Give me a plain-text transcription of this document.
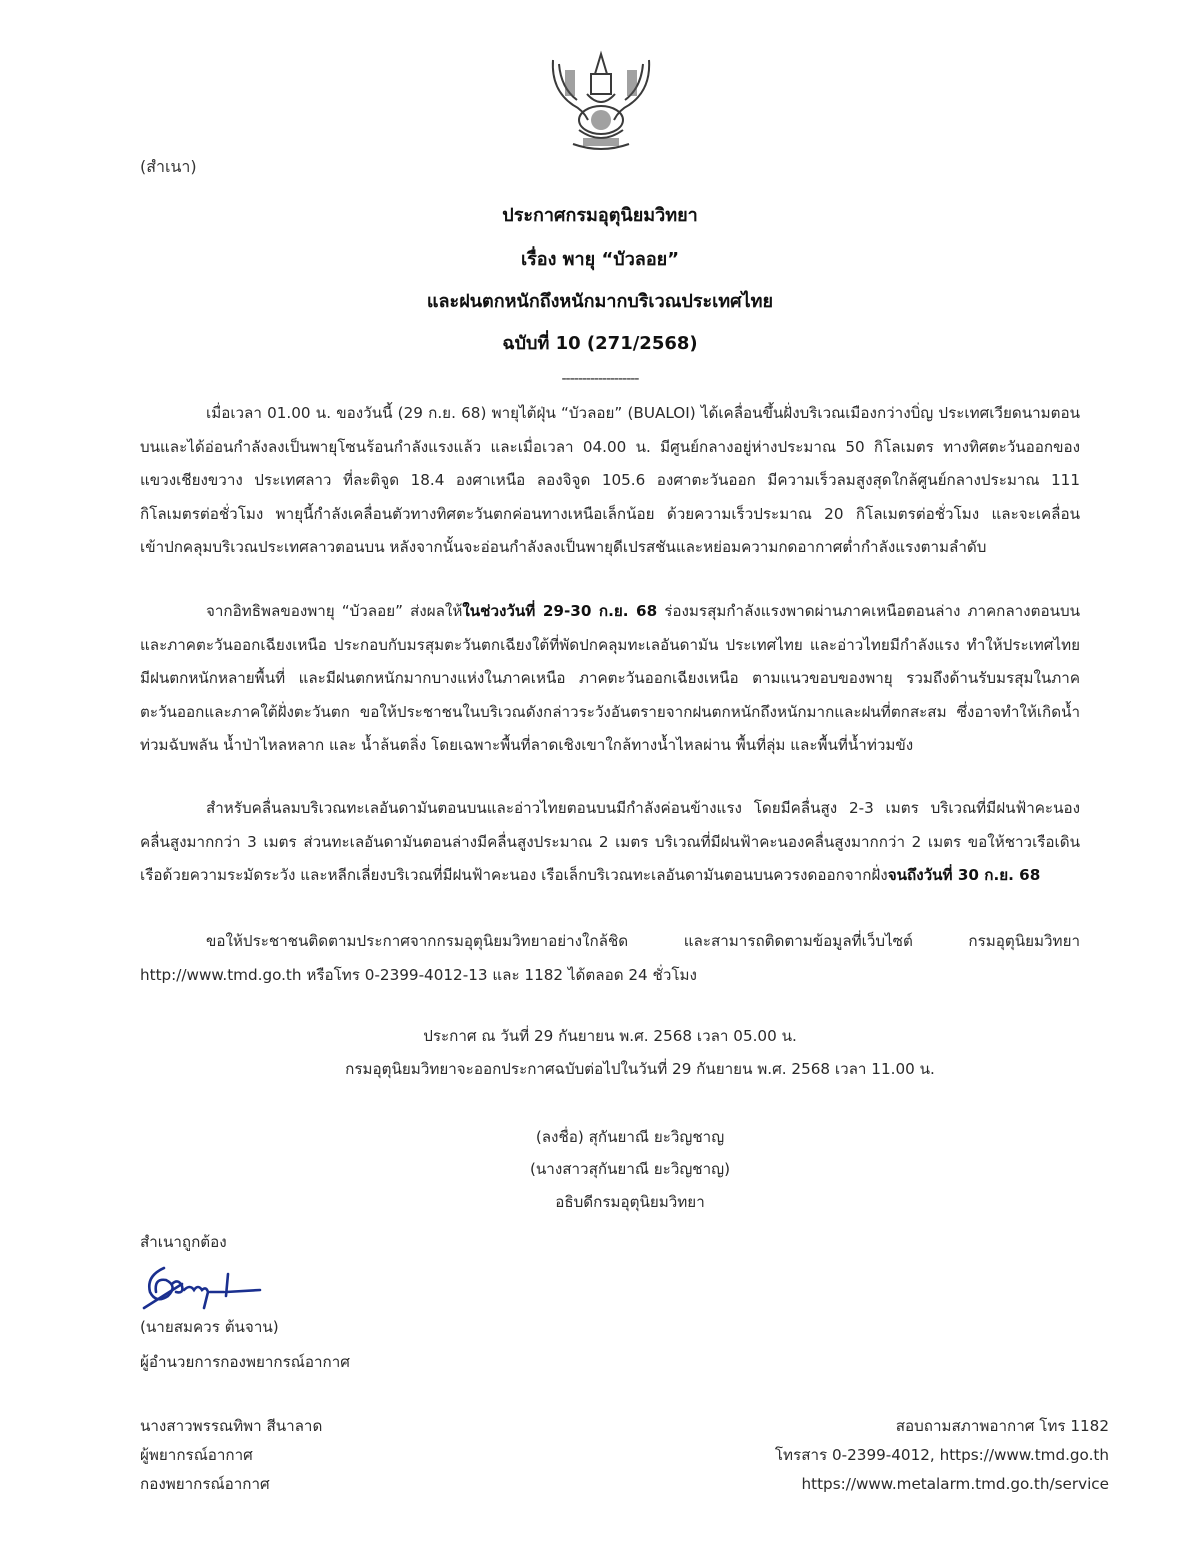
(สำเนา)
ประกาศกรมอุตุนิยมวิทยา
เรื่อง พายุ “บัวลอย”
และฝนตกหนักถึงหนักมากบริเวณประเทศไทย
ฉบับที่ 10 (271/2568)
-------------------
เมื่อเวลา 01.00 น. ของวันนี้ (29 ก.ย. 68) พายุไต้ฝุ่น “บัวลอย” (BUALOI) ได้เคลื่อนขึ้นฝั่งบริเวณเมืองกว่างบิ่ญ ประเทศเวียดนามตอนบนและได้อ่อนกำลังลงเป็นพายุโซนร้อนกำลังแรงแล้ว และเมื่อเวลา 04.00 น. มีศูนย์กลางอยู่ห่างประมาณ 50 กิโลเมตร ทางทิศตะวันออกของแขวงเชียงขวาง ประเทศลาว ที่ละติจูด 18.4 องศาเหนือ ลองจิจูด 105.6 องศาตะวันออก มีความเร็วลมสูงสุดใกล้ศูนย์กลางประมาณ 111 กิโลเมตรต่อชั่วโมง พายุนี้กำลังเคลื่อนตัวทางทิศตะวันตกค่อนทางเหนือเล็กน้อย ด้วยความเร็วประมาณ 20 กิโลเมตรต่อชั่วโมง และจะเคลื่อนเข้าปกคลุมบริเวณประเทศลาวตอนบน หลังจากนั้นจะอ่อนกำลังลงเป็นพายุดีเปรสชันและหย่อมความกดอากาศต่ำกำลังแรงตามลำดับ
จากอิทธิพลของพายุ “บัวลอย” ส่งผลให้ในช่วงวันที่ 29-30 ก.ย. 68 ร่องมรสุมกำลังแรงพาดผ่านภาคเหนือตอนล่าง ภาคกลางตอนบน และภาคตะวันออกเฉียงเหนือ ประกอบกับมรสุมตะวันตกเฉียงใต้ที่พัดปกคลุมทะเลอันดามัน ประเทศไทย และอ่าวไทยมีกำลังแรง ทำให้ประเทศไทยมีฝนตกหนักหลายพื้นที่ และมีฝนตกหนักมากบางแห่งในภาคเหนือ ภาคตะวันออกเฉียงเหนือ ตามแนวขอบของพายุ รวมถึงด้านรับมรสุมในภาคตะวันออกและภาคใต้ฝั่งตะวันตก ขอให้ประชาชนในบริเวณดังกล่าวระวังอันตรายจากฝนตกหนักถึงหนักมากและฝนที่ตกสะสม ซึ่งอาจทำให้เกิดน้ำท่วมฉับพลัน น้ำป่าไหลหลาก และ น้ำล้นตลิ่ง โดยเฉพาะพื้นที่ลาดเชิงเขาใกล้ทางน้ำไหลผ่าน พื้นที่ลุ่ม และพื้นที่น้ำท่วมขัง
สำหรับคลื่นลมบริเวณทะเลอันดามันตอนบนและอ่าวไทยตอนบนมีกำลังค่อนข้างแรง โดยมีคลื่นสูง 2-3 เมตร บริเวณที่มีฝนฟ้าคะนองคลื่นสูงมากกว่า 3 เมตร ส่วนทะเลอันดามันตอนล่างมีคลื่นสูงประมาณ 2 เมตร บริเวณที่มีฝนฟ้าคะนองคลื่นสูงมากกว่า 2 เมตร ขอให้ชาวเรือเดินเรือด้วยความระมัดระวัง และหลีกเลี่ยงบริเวณที่มีฝนฟ้าคะนอง เรือเล็กบริเวณทะเลอันดามันตอนบนควรงดออกจากฝั่งจนถึงวันที่ 30 ก.ย. 68
ขอให้ประชาชนติดตามประกาศจากกรมอุตุนิยมวิทยาอย่างใกล้ชิด และสามารถติดตามข้อมูลที่เว็บไซต์ กรมอุตุนิยมวิทยา http://www.tmd.go.th หรือโทร 0-2399-4012-13 และ 1182 ได้ตลอด 24 ชั่วโมง
ประกาศ ณ วันที่ 29 กันยายน พ.ศ. 2568 เวลา 05.00 น.
กรมอุตุนิยมวิทยาจะออกประกาศฉบับต่อไปในวันที่ 29 กันยายน พ.ศ. 2568 เวลา 11.00 น.
(ลงชื่อ) สุกันยาณี ยะวิญชาญ
(นางสาวสุกันยาณี ยะวิญชาญ)
อธิบดีกรมอุตุนิยมวิทยา
สำเนาถูกต้อง
(นายสมควร ต้นจาน)
ผู้อำนวยการกองพยากรณ์อากาศ
นางสาวพรรณทิพา สีนาลาด
ผู้พยากรณ์อากาศ
กองพยากรณ์อากาศ
สอบถามสภาพอากาศ โทร 1182
โทรสาร 0-2399-4012, https://www.tmd.go.th
https://www.metalarm.tmd.go.th/service
